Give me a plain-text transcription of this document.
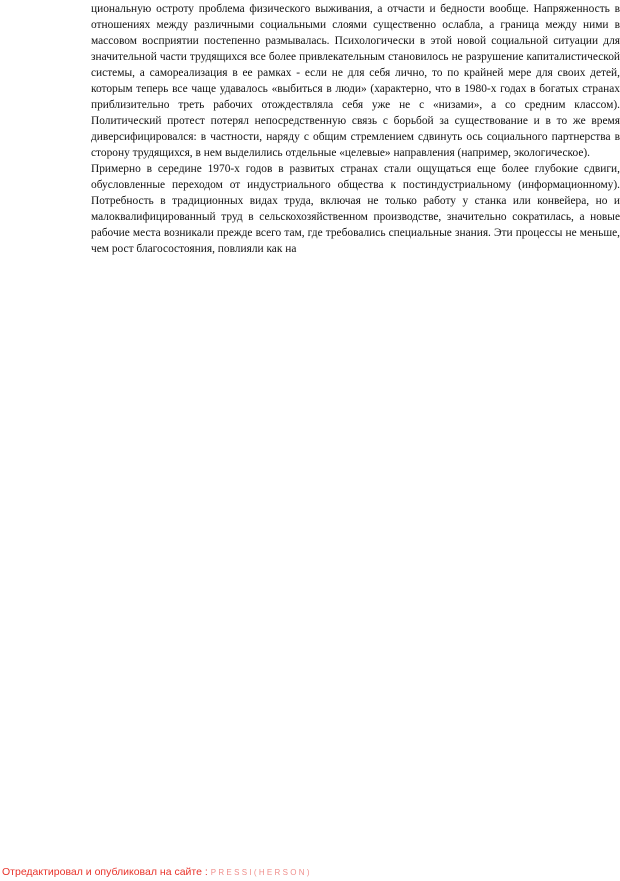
циональную остроту проблема физического выживания, а отчасти и бедности вообще. Напряженность в отношениях между различными социальными слоями существенно ослабла, а граница между ними в массовом восприятии постепенно размывалась. Психологически в этой новой социальной ситуации для значительной части трудящихся все более привлекательным становилось не разрушение капиталистической системы, а самореализация в ее рамках - если не для себя лично, то по крайней мере для своих детей, которым теперь все чаще удавалось «выбиться в люди» (характерно, что в 1980-х годах в богатых странах приблизительно треть рабочих отождествляла себя уже не с «низами», а со средним классом). Политический протест потерял непосредственную связь с борьбой за существование и в то же время диверсифицировался: в частности, наряду с общим стремлением сдвинуть ось социального партнерства в сторону трудящихся, в нем выделились отдельные «целевые» направления (например, экологическое).

Примерно в середине 1970-х годов в развитых странах стали ощущаться еще более глубокие сдвиги, обусловленные переходом от индустриального общества к постиндустриальному (информационному). Потребность в традиционных видах труда, включая не только работу у станка или конвейера, но и малоквалифицированный труд в сельскохозяйственном производстве, значительно сократилась, а новые рабочие места возникали прежде всего там, где требовались специальные знания. Эти процессы не меньше, чем рост благосостояния, повлияли как на

Отредактировал и опубликовал на сайте : PRESSI(HERSON)
